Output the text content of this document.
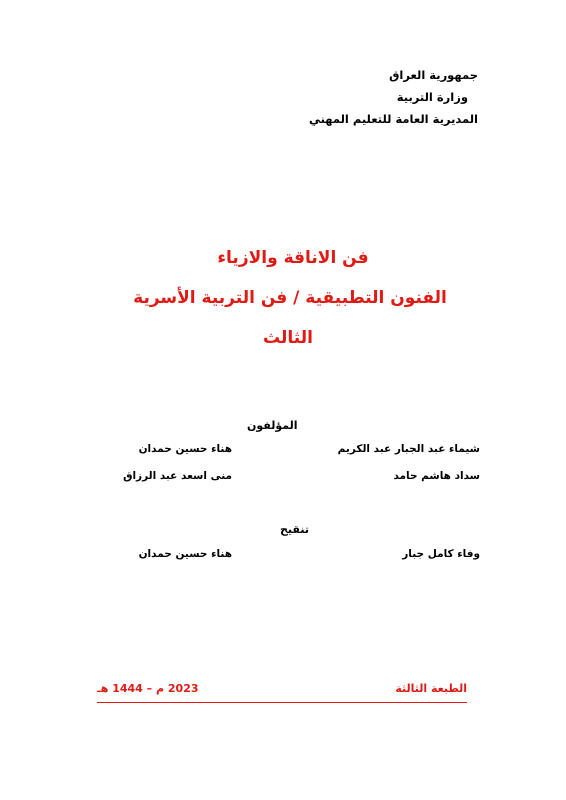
جمهورية العراق
وزارة التربية
المديرية العامة للتعليم المهني
فن الاناقة والازياء
الفنون التطبيقية / فن التربية الأسرية
الثالث
المؤلفون
شيماء عبد الجبار عبد الكريم
هناء حسين حمدان
سداد هاشم حامد
منى اسعد عبد الرزاق
تنقيح
وفاء كامل جبار
هناء حسين حمدان
الطبعة الثالثة
2023 م – 1444 هـ
